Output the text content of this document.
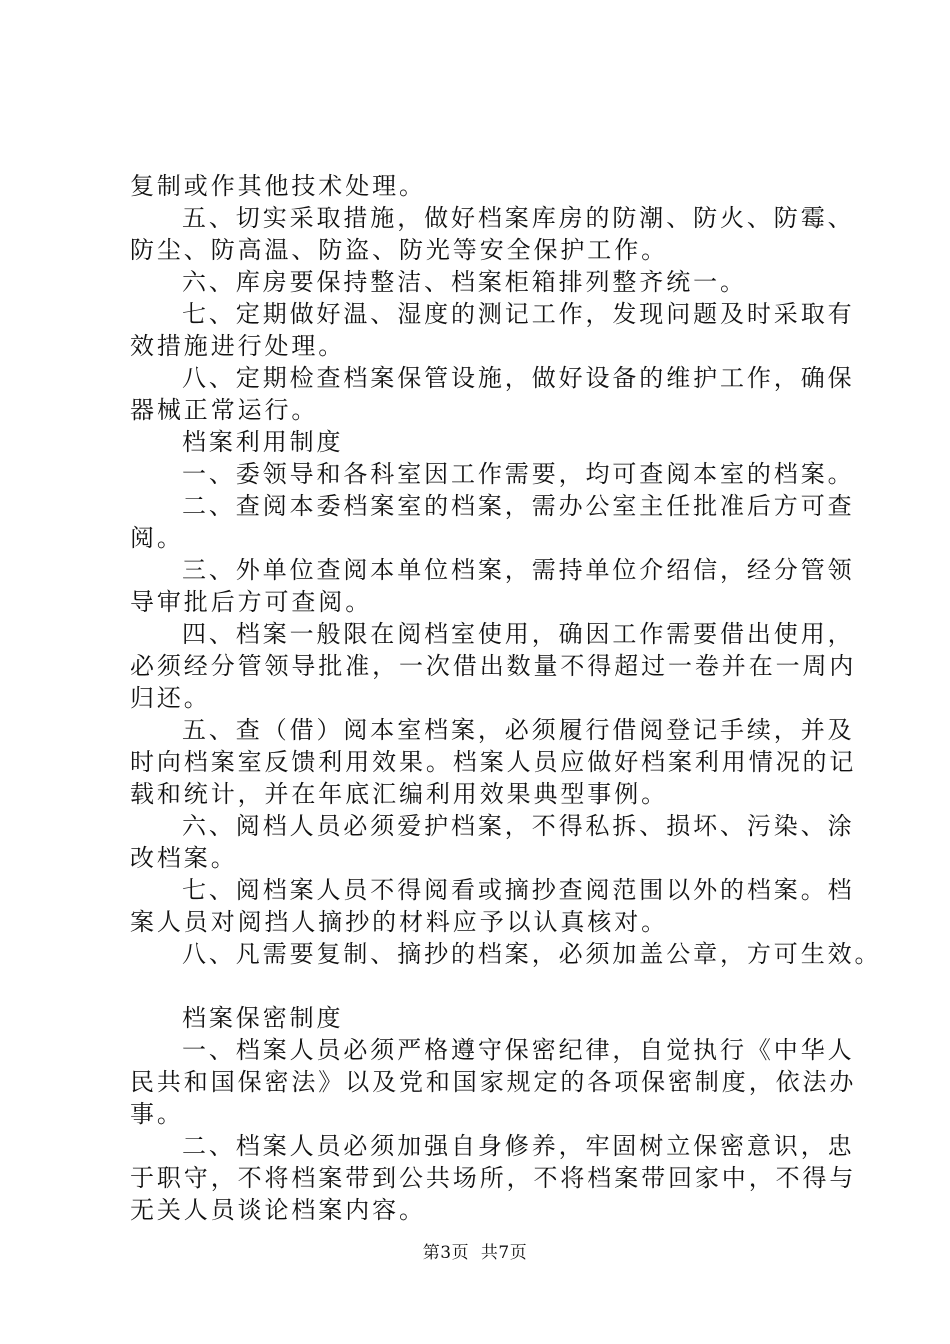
复制或作其他技术处理。
五、切实采取措施，做好档案库房的防潮、防火、防霉、
防尘、防高温、防盗、防光等安全保护工作。
六、库房要保持整洁、档案柜箱排列整齐统一。
七、定期做好温、湿度的测记工作，发现问题及时采取有
效措施进行处理。
八、定期检查档案保管设施，做好设备的维护工作，确保
器械正常运行。
档案利用制度
一、委领导和各科室因工作需要，均可查阅本室的档案。
二、查阅本委档案室的档案，需办公室主任批准后方可查
阅。
三、外单位查阅本单位档案，需持单位介绍信，经分管领
导审批后方可查阅。
四、档案一般限在阅档室使用，确因工作需要借出使用，
必须经分管领导批准，一次借出数量不得超过一卷并在一周内
归还。
五、查（借）阅本室档案，必须履行借阅登记手续，并及
时向档案室反馈利用效果。档案人员应做好档案利用情况的记
载和统计，并在年底汇编利用效果典型事例。
六、阅档人员必须爱护档案，不得私拆、损坏、污染、涂
改档案。
七、阅档案人员不得阅看或摘抄查阅范围以外的档案。档
案人员对阅挡人摘抄的材料应予以认真核对。
八、凡需要复制、摘抄的档案，必须加盖公章，方可生效。
档案保密制度
一、档案人员必须严格遵守保密纪律，自觉执行《中华人
民共和国保密法》以及党和国家规定的各项保密制度，依法办
事。
二、档案人员必须加强自身修养，牢固树立保密意识，忠
于职守，不将档案带到公共场所，不将档案带回家中，不得与
无关人员谈论档案内容。
第3页  共7页
